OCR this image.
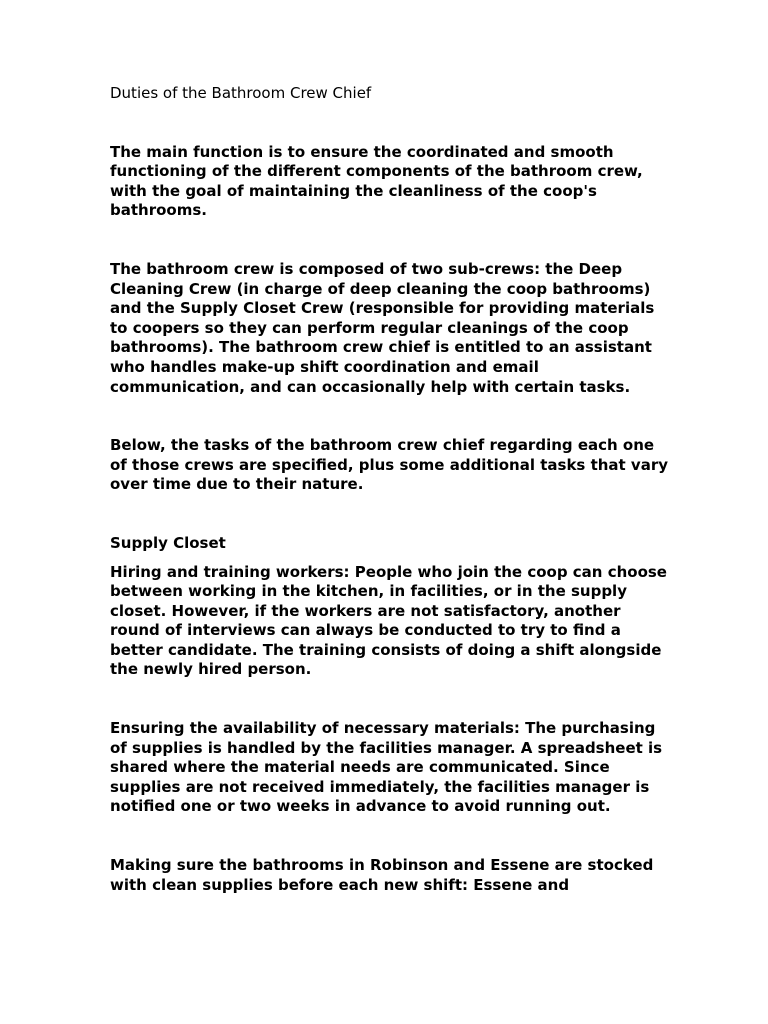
Duties of the Bathroom Crew Chief

The main function is to ensure the coordinated and smooth functioning of the different components of the bathroom crew, with the goal of maintaining the cleanliness of the coop's bathrooms.

The bathroom crew is composed of two sub-crews: the Deep Cleaning Crew (in charge of deep cleaning the coop bathrooms) and the Supply Closet Crew (responsible for providing materials to coopers so they can perform regular cleanings of the coop bathrooms). The bathroom crew chief is entitled to an assistant who handles make-up shift coordination and email communication, and can occasionally help with certain tasks.

Below, the tasks of the bathroom crew chief regarding each one of those crews are specified, plus some additional tasks that vary over time due to their nature.

Supply Closet

Hiring and training workers: People who join the coop can choose between working in the kitchen, in facilities, or in the supply closet. However, if the workers are not satisfactory, another round of interviews can always be conducted to try to find a better candidate. The training consists of doing a shift alongside the newly hired person.

Ensuring the availability of necessary materials: The purchasing of supplies is handled by the facilities manager. A spreadsheet is shared where the material needs are communicated. Since supplies are not received immediately, the facilities manager is notified one or two weeks in advance to avoid running out.

Making sure the bathrooms in Robinson and Essene are stocked with clean supplies before each new shift: Essene and
